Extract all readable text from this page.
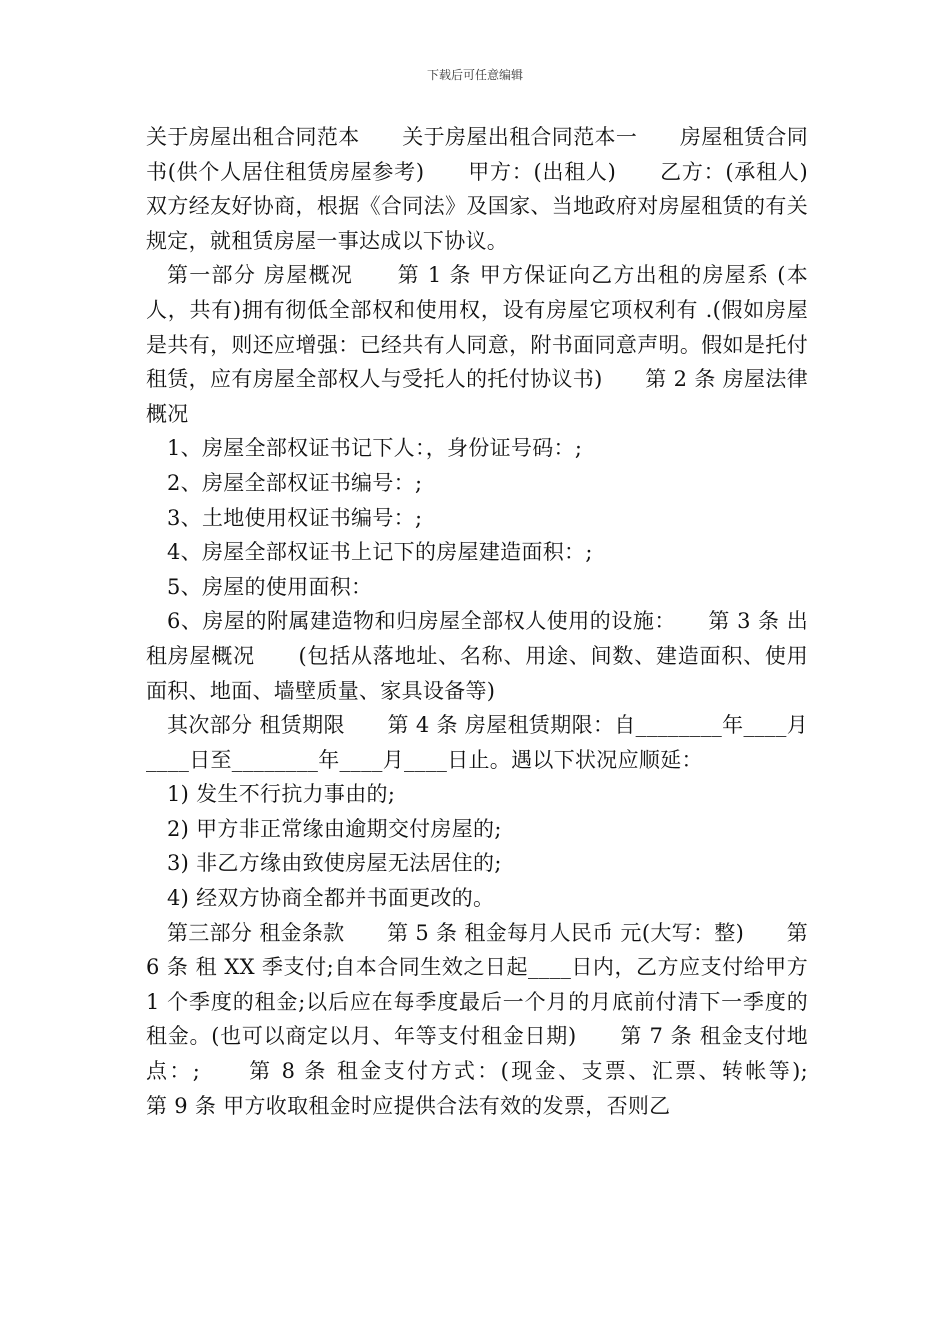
下载后可任意编辑

关于房屋出租合同范本　　关于房屋出租合同范本一　　房屋租赁合同书(供个人居住租赁房屋参考)　　甲方：(出租人)　　乙方：(承租人)　　双方经友好协商，根据《合同法》及国家、当地政府对房屋租赁的有关规定，就租赁房屋一事达成以下协议。

第一部分 房屋概况　　第 1 条 甲方保证向乙方出租的房屋系 (本人，共有)拥有彻低全部权和使用权，设有房屋它项权利有 .(假如房屋是共有，则还应增强：已经共有人同意，附书面同意声明。假如是托付租赁，应有房屋全部权人与受托人的托付协议书)　　第 2 条 房屋法律概况

1、房屋全部权证书记下人：，身份证号码：;

2、房屋全部权证书编号：;

3、土地使用权证书编号：;

4、房屋全部权证书上记下的房屋建造面积：;

5、房屋的使用面积：

6、房屋的附属建造物和归房屋全部权人使用的设施：　　第 3 条 出租房屋概况　　(包括从落地址、名称、用途、间数、建造面积、使用面积、地面、墙壁质量、家具设备等)

其次部分 租赁期限　　第 4 条 房屋租赁期限：自________年____月____日至________年____月____日止。遇以下状况应顺延：

1) 发生不行抗力事由的;

2) 甲方非正常缘由逾期交付房屋的;

3) 非乙方缘由致使房屋无法居住的;

4) 经双方协商全都并书面更改的。

第三部分 租金条款　　第 5 条 租金每月人民币 元(大写：整)　　第 6 条 租 XX 季支付;自本合同生效之日起____日内，乙方应支付给甲方 1 个季度的租金;以后应在每季度最后一个月的月底前付清下一季度的租金。(也可以商定以月、年等支付租金日期)　　第 7 条 租金支付地点：;　　第 8 条 租金支付方式：(现金、支票、汇票、转帐等);　　第 9 条 甲方收取租金时应提供合法有效的发票，否则乙
